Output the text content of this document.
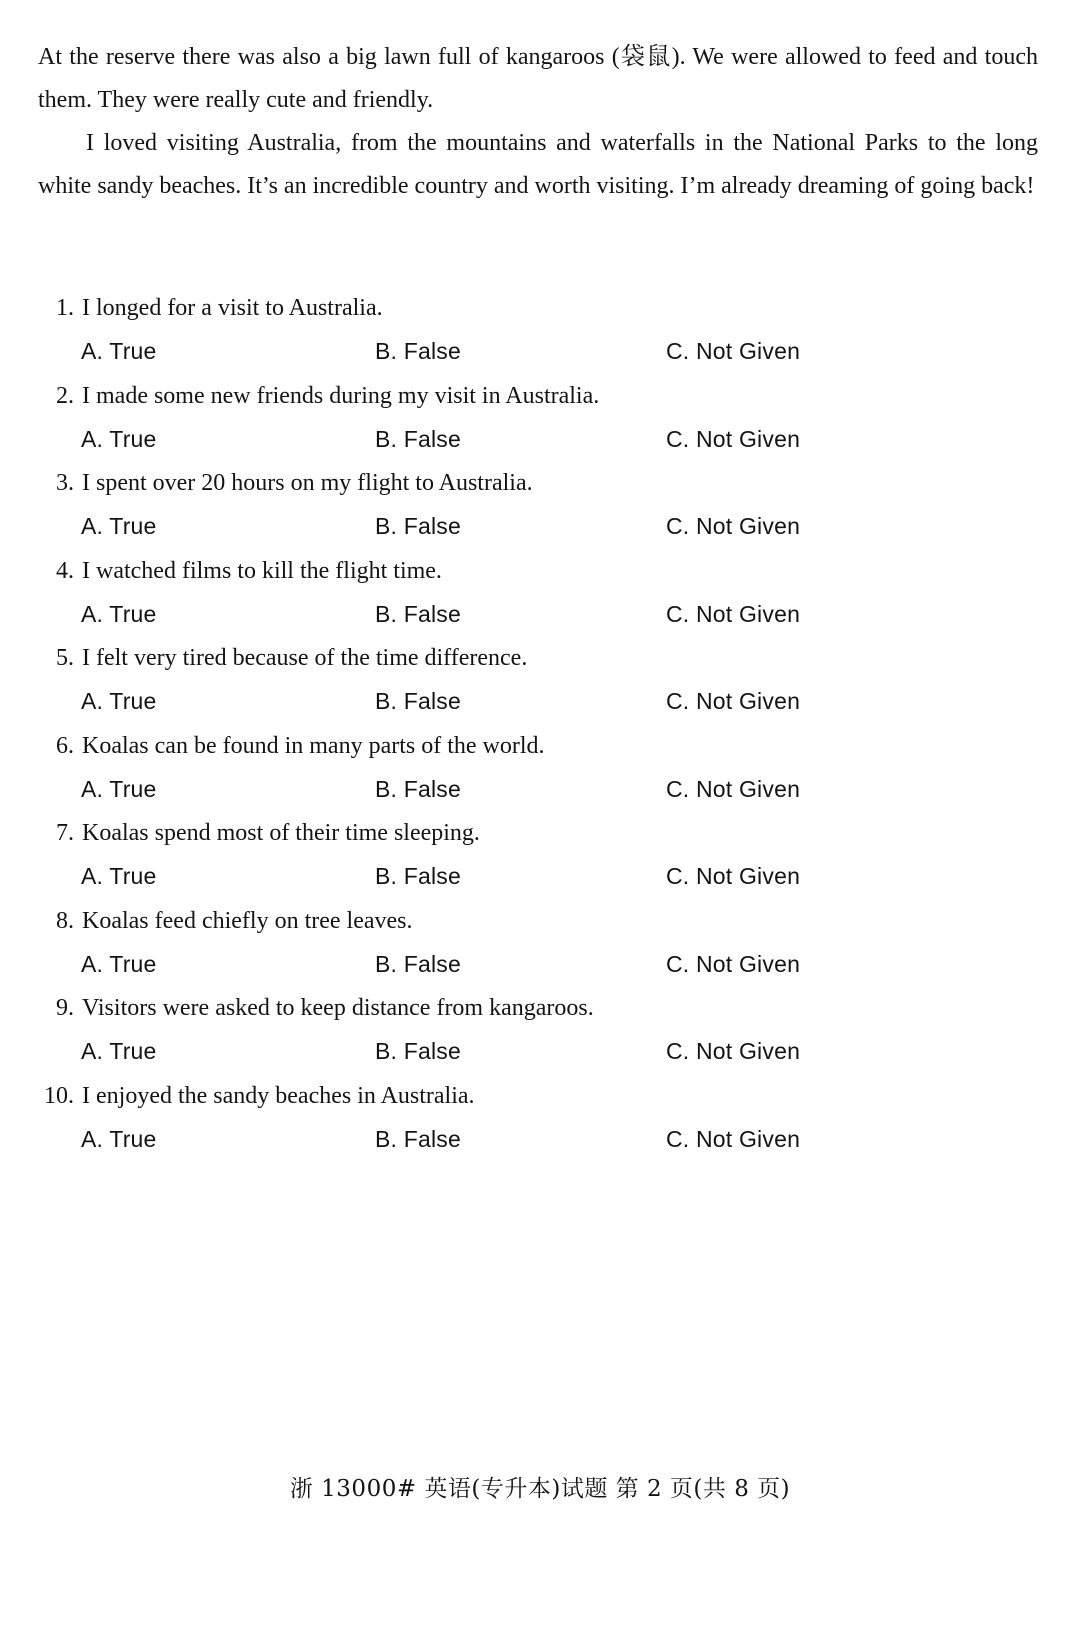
At the reserve there was also a big lawn full of kangaroos (袋鼠). We were allowed to feed and touch them. They were really cute and friendly.

I loved visiting Australia, from the mountains and waterfalls in the National Parks to the long white sandy beaches. It’s an incredible country and worth visiting. I’m already dreaming of going back!

1. I longed for a visit to Australia.
A. True	B. False	C. Not Given
2. I made some new friends during my visit in Australia.
A. True	B. False	C. Not Given
3. I spent over 20 hours on my flight to Australia.
A. True	B. False	C. Not Given
4. I watched films to kill the flight time.
A. True	B. False	C. Not Given
5. I felt very tired because of the time difference.
A. True	B. False	C. Not Given
6. Koalas can be found in many parts of the world.
A. True	B. False	C. Not Given
7. Koalas spend most of their time sleeping.
A. True	B. False	C. Not Given
8. Koalas feed chiefly on tree leaves.
A. True	B. False	C. Not Given
9. Visitors were asked to keep distance from kangaroos.
A. True	B. False	C. Not Given
10. I enjoyed the sandy beaches in Australia.
A. True	B. False	C. Not Given
浙 13000# 英语(专升本)试题 第 2 页(共 8 页)
